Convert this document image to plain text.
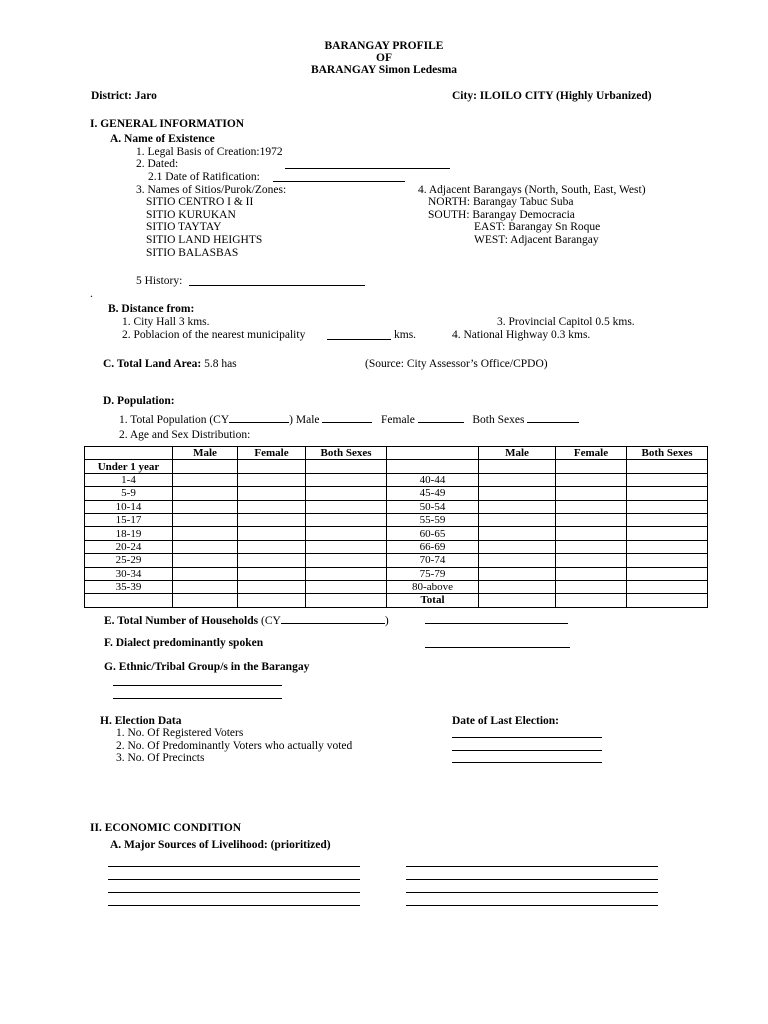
BARANGAY PROFILE
OF
BARANGAY Simon Ledesma
District: Jaro	City: ILOILO CITY (Highly Urbanized)
I. GENERAL INFORMATION
A. Name of Existence
1. Legal Basis of Creation:1972
2. Dated:
2.1 Date of Ratification:
3. Names of Sitios/Purok/Zones:
SITIO CENTRO I & II
SITIO KURUKAN
SITIO TAYTAY
SITIO LAND HEIGHTS
SITIO BALASBAS
4. Adjacent Barangays (North, South, East, West)
NORTH: Barangay Tabuc Suba
SOUTH: Barangay Democracia
EAST: Barangay Sn Roque
WEST: Adjacent Barangay
5 History:
.
B. Distance from:
1. City Hall 3 kms.
2. Poblacion of the nearest municipality	kms.
3. Provincial Capitol 0.5 kms.
4. National Highway 0.3 kms.
C. Total Land Area: 5.8 has	(Source: City Assessor’s Office/CPDO)
D. Population:
1. Total Population (CY	) Male	Female	Both Sexes
2. Age and Sex Distribution:
	Male	Female	Both Sexes		Male	Female	Both Sexes
Under 1 year							
1-4				40-44			
5-9				45-49			
10-14				50-54			
15-17				55-59			
18-19				60-65			
20-24				66-69			
25-29				70-74			
30-34				75-79			
35-39				80-above			
				Total			
E. Total Number of Households (CY	)
F. Dialect predominantly spoken
G. Ethnic/Tribal Group/s in the Barangay
H. Election Data	Date of Last Election:
1. No. Of Registered Voters
2. No. Of Predominantly Voters who actually voted
3. No. Of Precincts
II. ECONOMIC CONDITION
A. Major Sources of Livelihood: (prioritized)
